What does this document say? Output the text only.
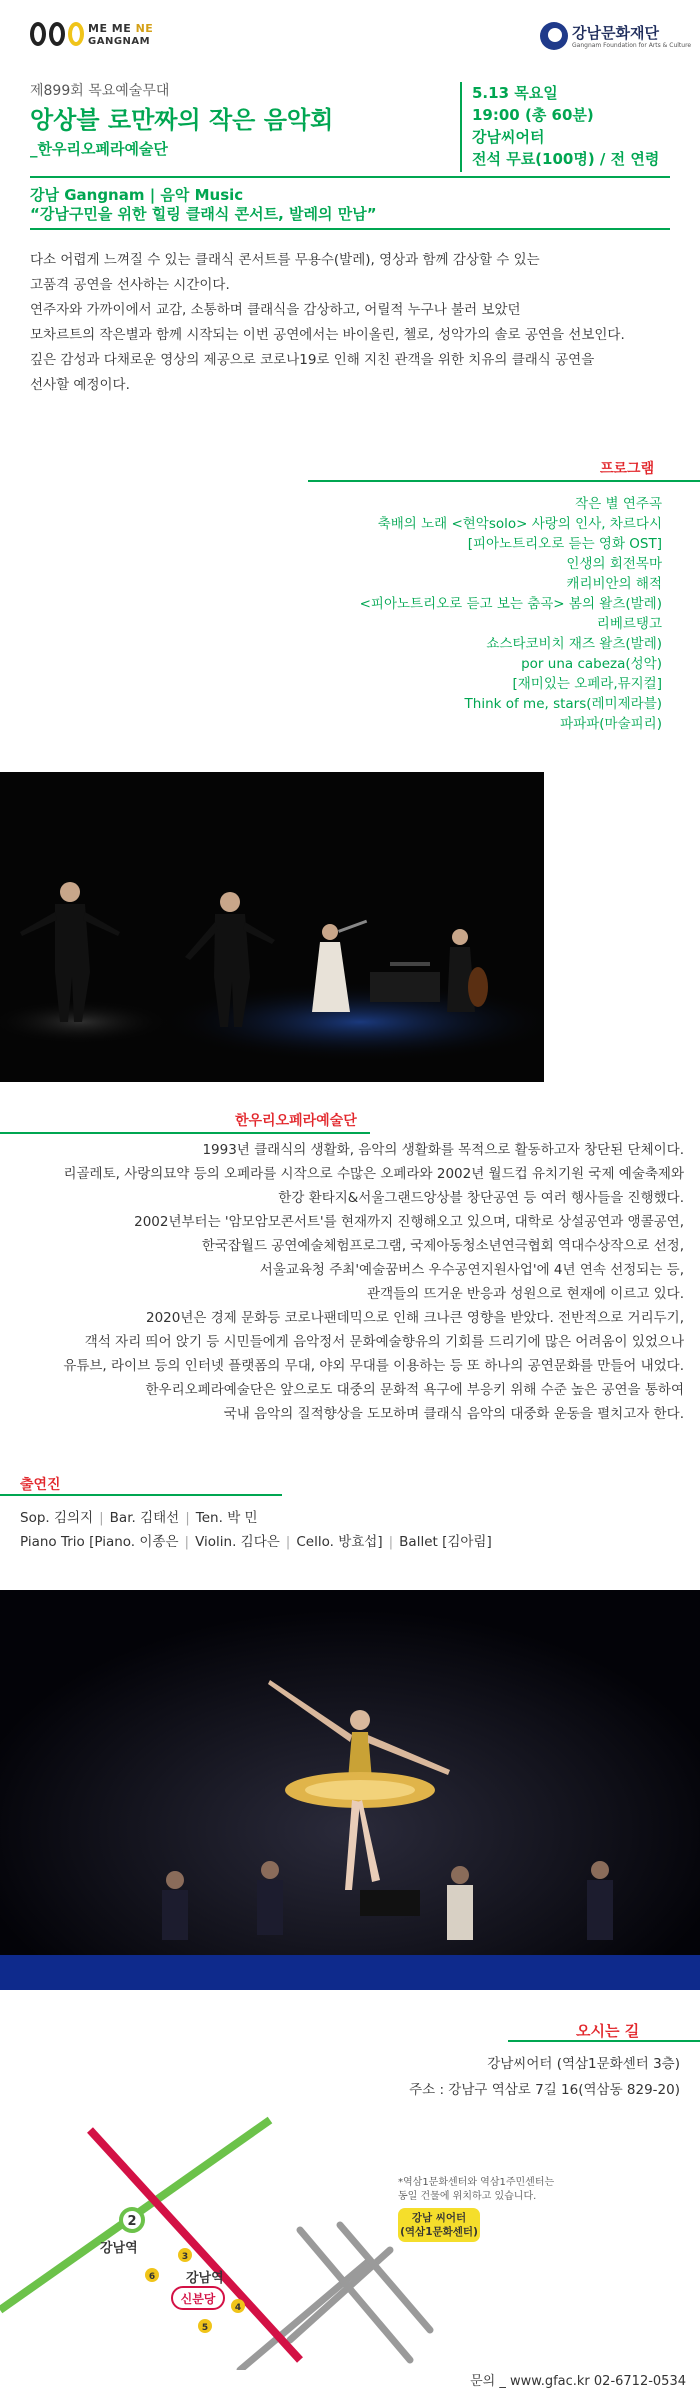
ME ME NE
GANGNAM	강남문화재단
Gangnam Foundation for Arts & Culture
제899회 목요예술무대
앙상블 로만짜의 작은 음악회
_한우리오페라예술단
5.13 목요일
19:00 (총 60분)
강남씨어터
전석 무료(100명) / 전 연령
강남 Gangnam | 음악 Music
“강남구민을 위한 힐링 클래식 콘서트, 발레의 만남”

다소 어렵게 느껴질 수 있는 클래식 콘서트를 무용수(발레), 영상과 함께 감상할 수 있는

고품격 공연을 선사하는 시간이다.

연주자와 가까이에서 교감, 소통하며 클래식을 감상하고, 어릴적 누구나 불러 보았던

모차르트의 작은별과 함께 시작되는 이번 공연에서는 바이올린, 첼로, 성악가의 솔로 공연을 선보인다.

깊은 감성과 다채로운 영상의 제공으로 코로나19로 인해 지친 관객을 위한 치유의 클래식 공연을

선사할 예정이다.

프로그램
작은 별 연주곡
축배의 노래 <현악solo> 사랑의 인사, 차르다시
[피아노트리오로 듣는 영화 OST]
인생의 회전목마
캐리비안의 해적
<피아노트리오로 듣고 보는 춤곡> 봄의 왈츠(발레)
리베르탱고
쇼스타코비치 재즈 왈츠(발레)
por una cabeza(성악)
[재미있는 오페라,뮤지컬]
Think of me, stars(레미제라블)
파파파(마술피리)
한우리오페라예술단

1993년 클래식의 생활화, 음악의 생활화를 목적으로 활동하고자 창단된 단체이다.

리골레토, 사랑의묘약 등의 오페라를 시작으로 수많은 오페라와 2002년 월드컵 유치기원 국제 예술축제와

한강 환타지&서울그랜드앙상블 창단공연 등 여러 행사들을 진행했다.

2002년부터는 '암모암모콘서트'를 현재까지 진행해오고 있으며, 대학로 상설공연과 앵콜공연,

한국잡월드 공연예술체험프로그램, 국제아동청소년연극협회 역대수상작으로 선정,

서울교육청 주최'예술꿈버스 우수공연지원사업'에 4년 연속 선정되는 등,

관객들의 뜨거운 반응과 성원으로 현재에 이르고 있다.

2020년은 경제 문화등 코로나팬데믹으로 인해 크나큰 영향을 받았다. 전반적으로 거리두기,

객석 자리 띄어 앉기 등 시민들에게 음악정서 문화예술향유의 기회를 드리기에 많은 어려움이 있었으나

유튜브, 라이브 등의 인터넷 플랫폼의 무대, 야외 무대를 이용하는 등 또 하나의 공연문화를 만들어 내었다.

한우리오페라예술단은 앞으로도 대중의 문화적 욕구에 부응키 위해 수준 높은 공연을 통하여

국내 음악의 질적향상을 도모하며 클래식 음악의 대중화 운동을 펼치고자 한다.

출연진
Sop. 김의지 | Bar. 김태선 | Ten. 박 민
Piano Trio [Piano. 이종은 | Violin. 김다은 | Cello. 방효섭] | Ballet [김아림]
오시는 길
강남씨어터 (역삼1문화센터 3층)
주소 : 강남구 역삼로 7길 16(역삼동 829-20)
2
강남역
3
6
4
5
강남역
신분당
*역삼1문화센터와 역삼1주민센터는
동일 건물에 위치하고 있습니다.
강남 씨어터
(역삼1문화센터)
문의 _ www.gfac.kr 02-6712-0534
